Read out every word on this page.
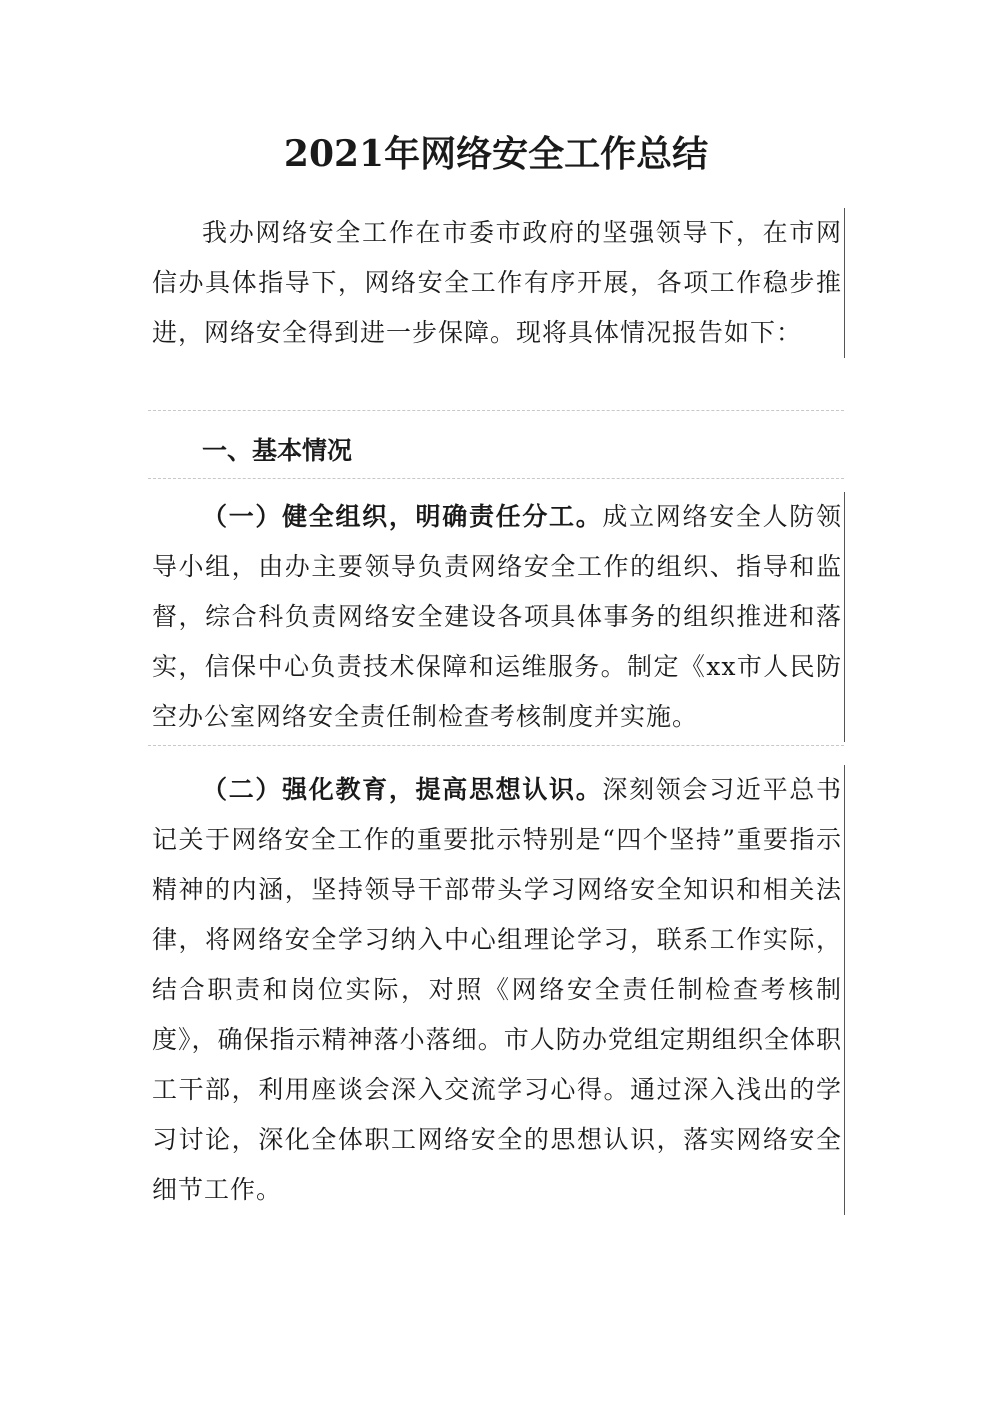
2021年网络安全工作总结

我办网络安全工作在市委市政府的坚强领导下，在市网信办具体指导下，网络安全工作有序开展，各项工作稳步推进，网络安全得到进一步保障。现将具体情况报告如下：

一、基本情况

（一）健全组织，明确责任分工。成立网络安全人防领导小组，由办主要领导负责网络安全工作的组织、指导和监督，综合科负责网络安全建设各项具体事务的组织推进和落实，信保中心负责技术保障和运维服务。制定《xx市人民防空办公室网络安全责任制检查考核制度并实施。

（二）强化教育，提高思想认识。深刻领会习近平总书记关于网络安全工作的重要批示特别是“四个坚持”重要指示精神的内涵，坚持领导干部带头学习网络安全知识和相关法律，将网络安全学习纳入中心组理论学习，联系工作实际，结合职责和岗位实际，对照《网络安全责任制检查考核制度》，确保指示精神落小落细。市人防办党组定期组织全体职工干部，利用座谈会深入交流学习心得。通过深入浅出的学习讨论，深化全体职工网络安全的思想认识，落实网络安全细节工作。
